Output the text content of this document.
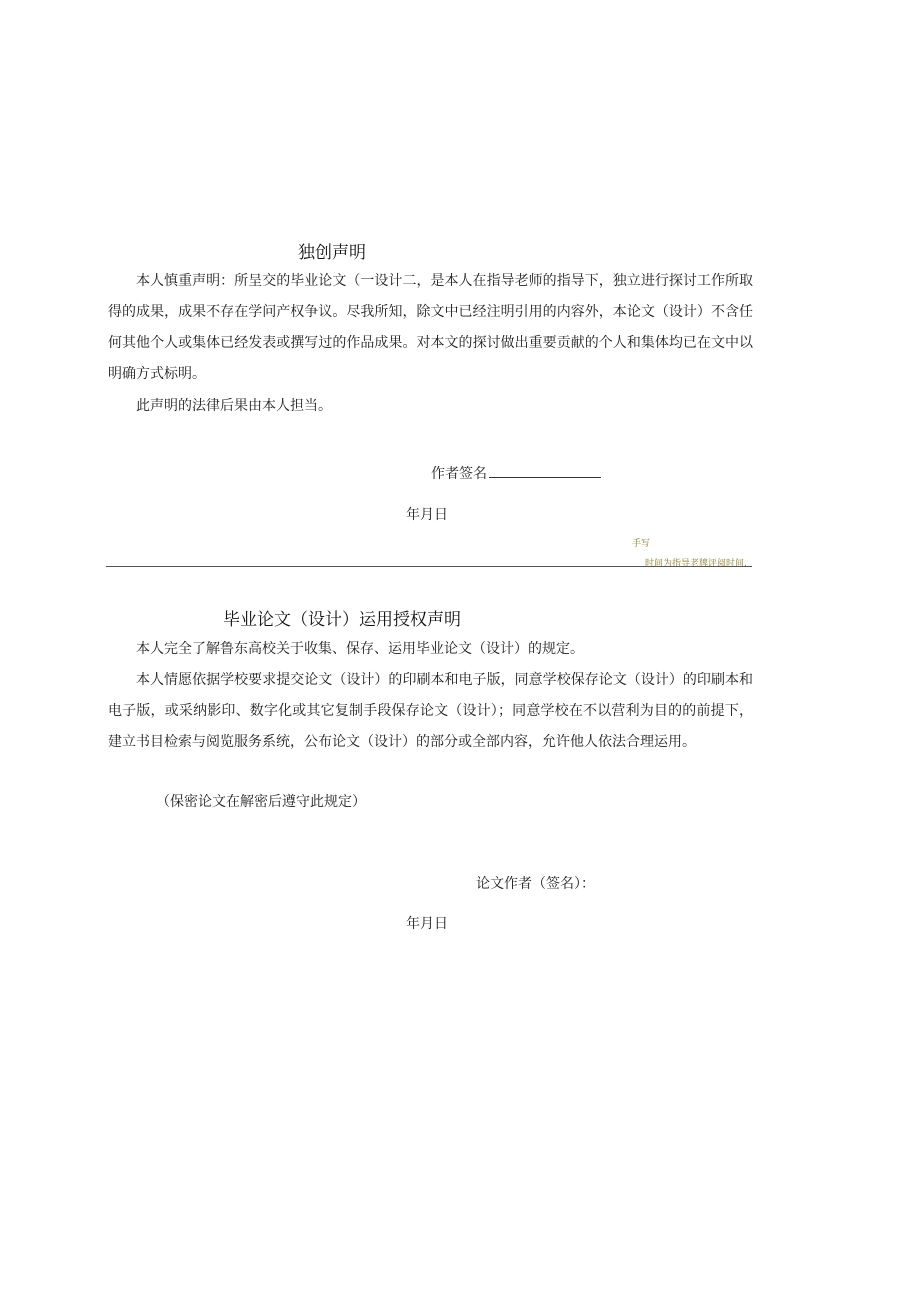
独创声明
本人慎重声明：所呈交的毕业论文（一设计二，是本人在指导老师的指导下，独立进行探讨工作所取得的成果，成果不存在学问产权争议。尽我所知，除文中已经注明引用的内容外，本论文（设计）不含任何其他个人或集体已经发表或撰写过的作品成果。对本文的探讨做出重要贡献的个人和集体均已在文中以明确方式标明。
此声明的法律后果由本人担当。
作者签名
年月日
手写
时间为指导老牌评阅时间.
毕业论文（设计）运用授权声明
本人完全了解鲁东高校关于收集、保存、运用毕业论文（设计）的规定。
本人情愿依据学校要求提交论文（设计）的印刷本和电子版，同意学校保存论文（设计）的印刷本和电子版，或采纳影印、数字化或其它复制手段保存论文（设计）；同意学校在不以营利为目的的前提下，建立书目检索与阅览服务系统，公布论文（设计）的部分或全部内容，允许他人依法合理运用。
（保密论文在解密后遵守此规定）
论文作者（签名）：
年月日
